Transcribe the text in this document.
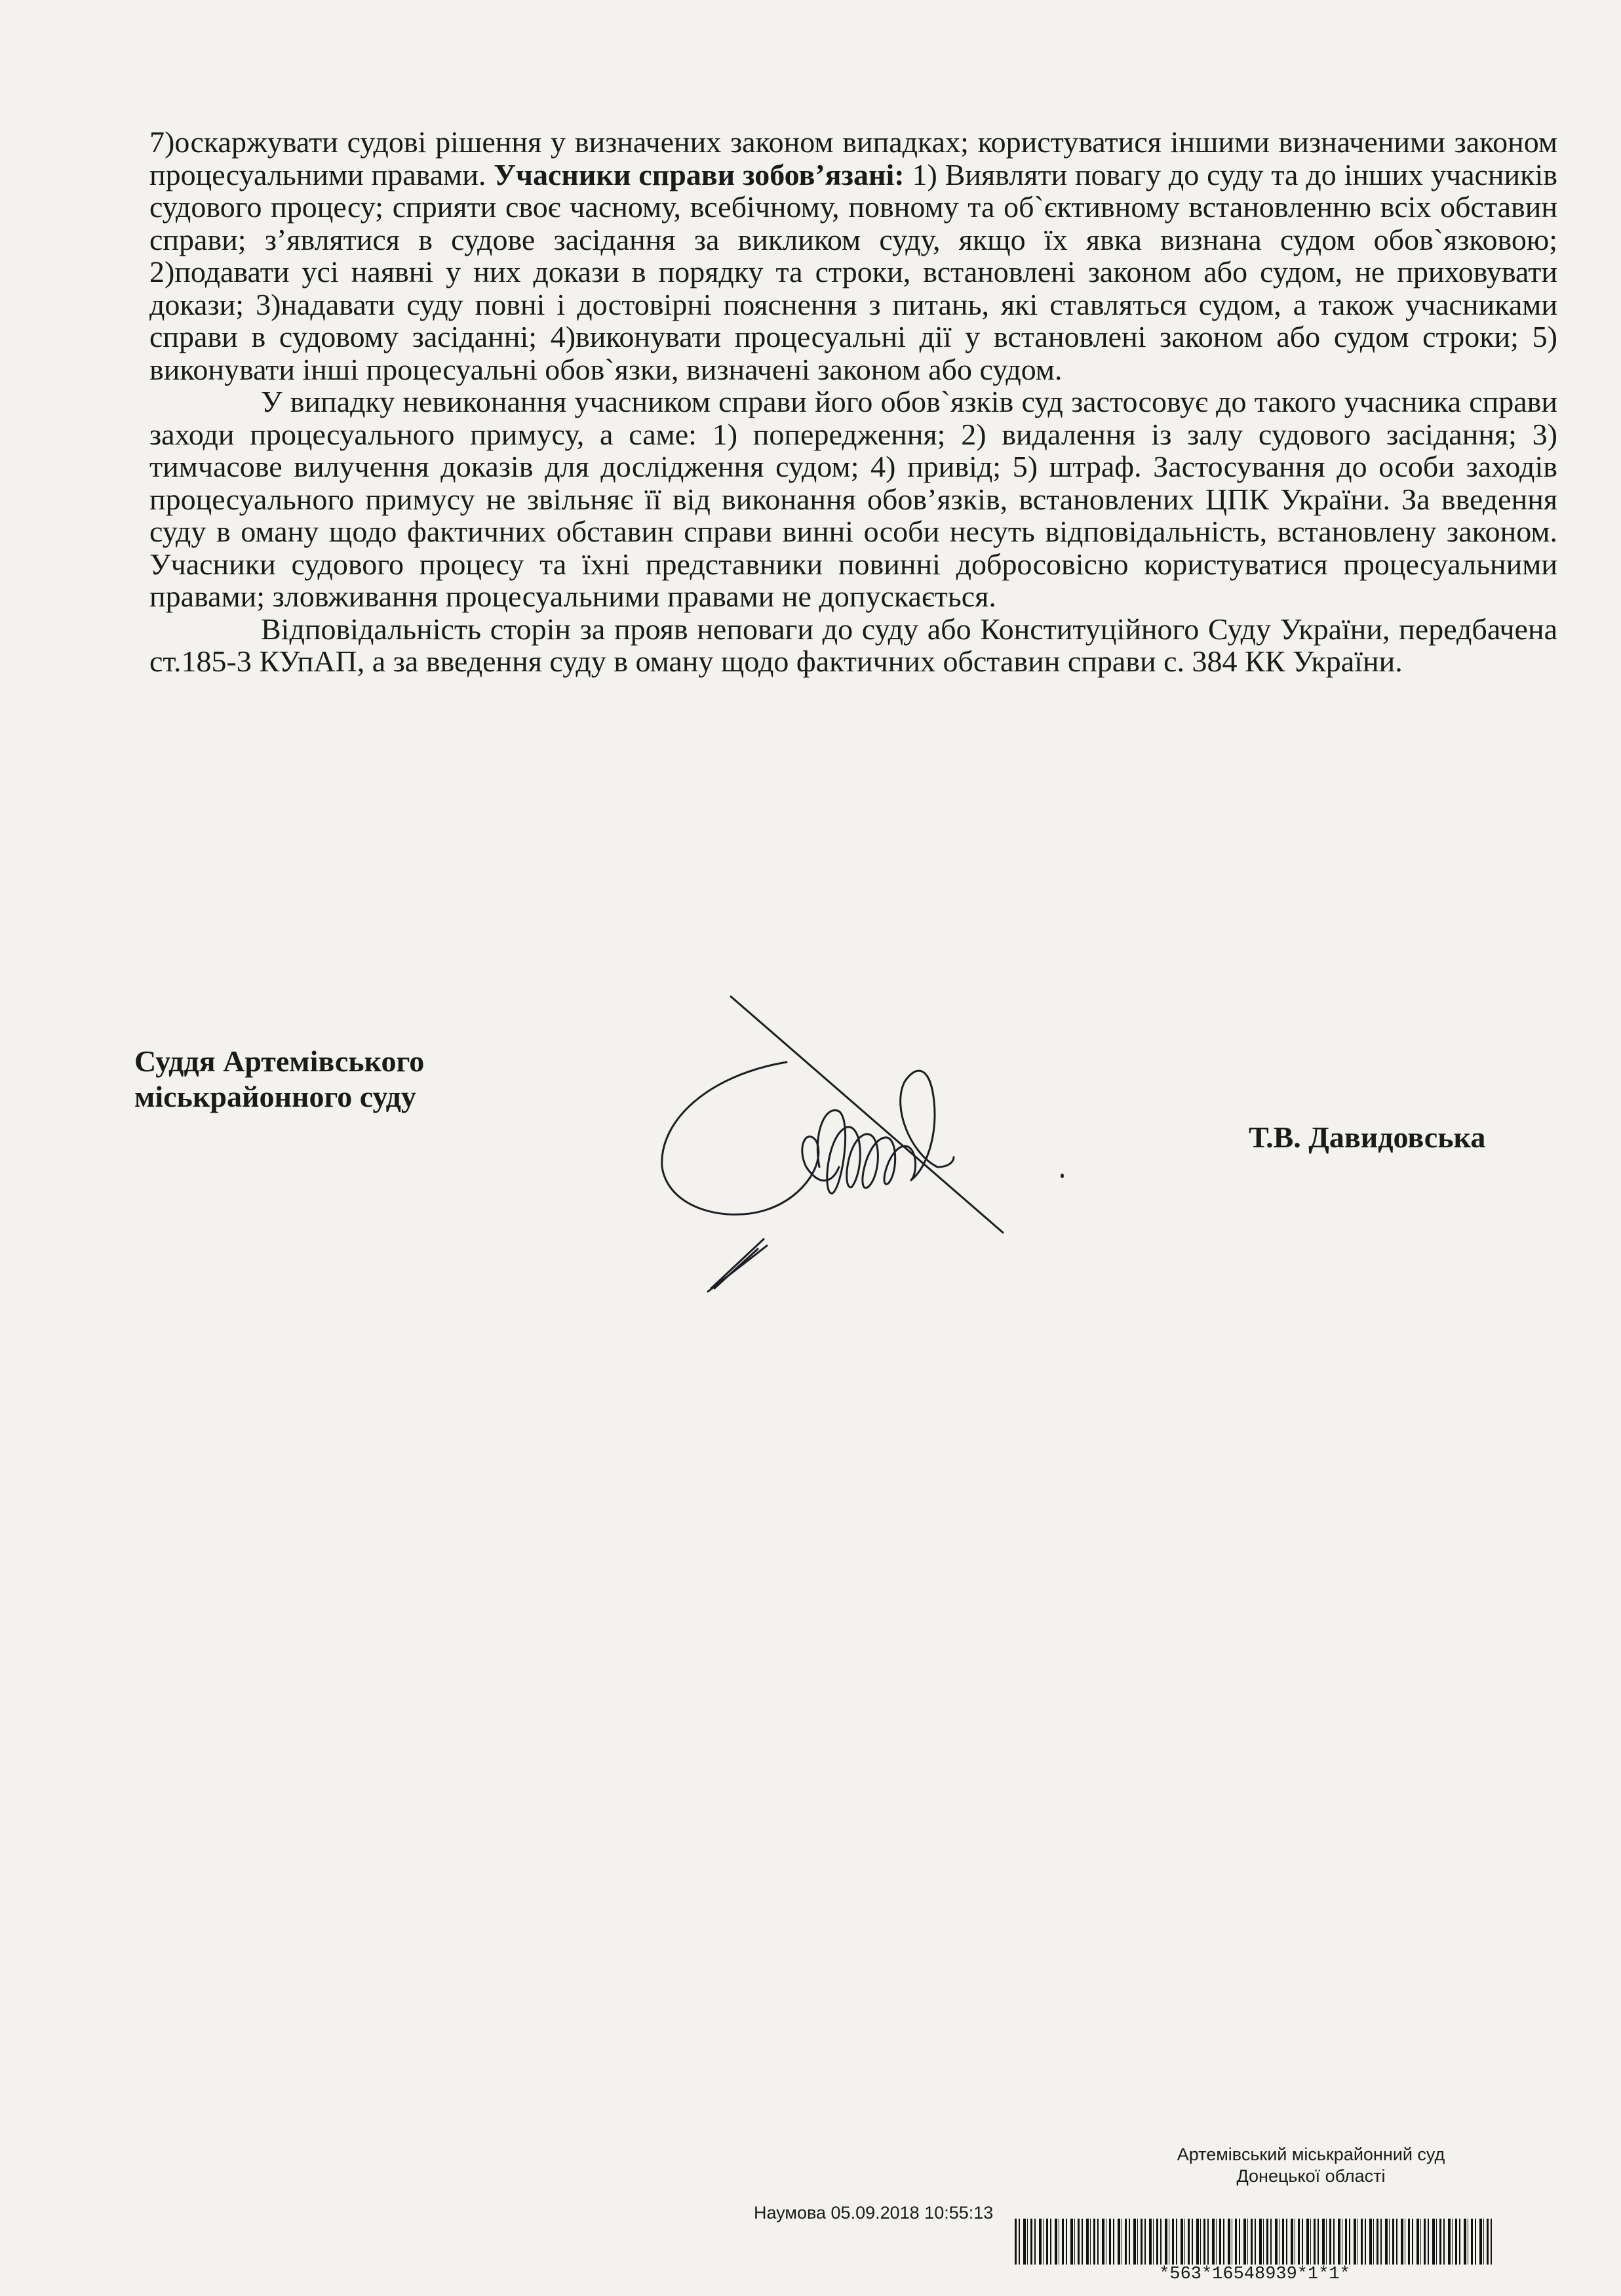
7)оскаржувати судові рішення у визначених законом випадках; користуватися іншими визначеними законом процесуальними правами. Учасники справи зобов’язані: 1) Виявляти повагу до суду та до інших учасників судового процесу; сприяти своє часному, всебічному, повному та об`єктивному встановленню всіх обставин справи; з’являтися в судове засідання за викликом суду, якщо їх явка визнана судом обов`язковою; 2)подавати усі наявні у них докази в порядку та строки, встановлені законом або судом, не приховувати докази; 3)надавати суду повні і достовірні пояснення з питань, які ставляться судом, а також учасниками справи в судовому засіданні; 4)виконувати процесуальні дії у встановлені законом або судом строки; 5) виконувати інші процесуальні обов`язки, визначені законом або судом.

У випадку невиконання учасником справи його обов`язків суд застосовує до такого учасника справи заходи процесуального примусу, а саме: 1) попередження; 2) видалення із залу судового засідання; 3) тимчасове вилучення доказів для дослідження судом; 4) привід; 5) штраф. Застосування до особи заходів процесуального примусу не звільняє її від виконання обов’язків, встановлених ЦПК України. За введення суду в оману щодо фактичних обставин справи винні особи несуть відповідальність, встановлену законом. Учасники судового процесу та їхні представники повинні добросовісно користуватися процесуальними правами; зловживання процесуальними правами не допускається.

Відповідальність сторін за прояв неповаги до суду або Конституційного Суду України, передбачена ст.185-3 КУпАП, а за введення суду в оману щодо фактичних обставин справи с. 384 КК України.

Суддя Артемівського
міськрайонного суду
Т.В. Давидовська
Артемівський міськрайонний суд
Донецької області
Наумова 05.09.2018 10:55:13
*563*16548939*1*1*
